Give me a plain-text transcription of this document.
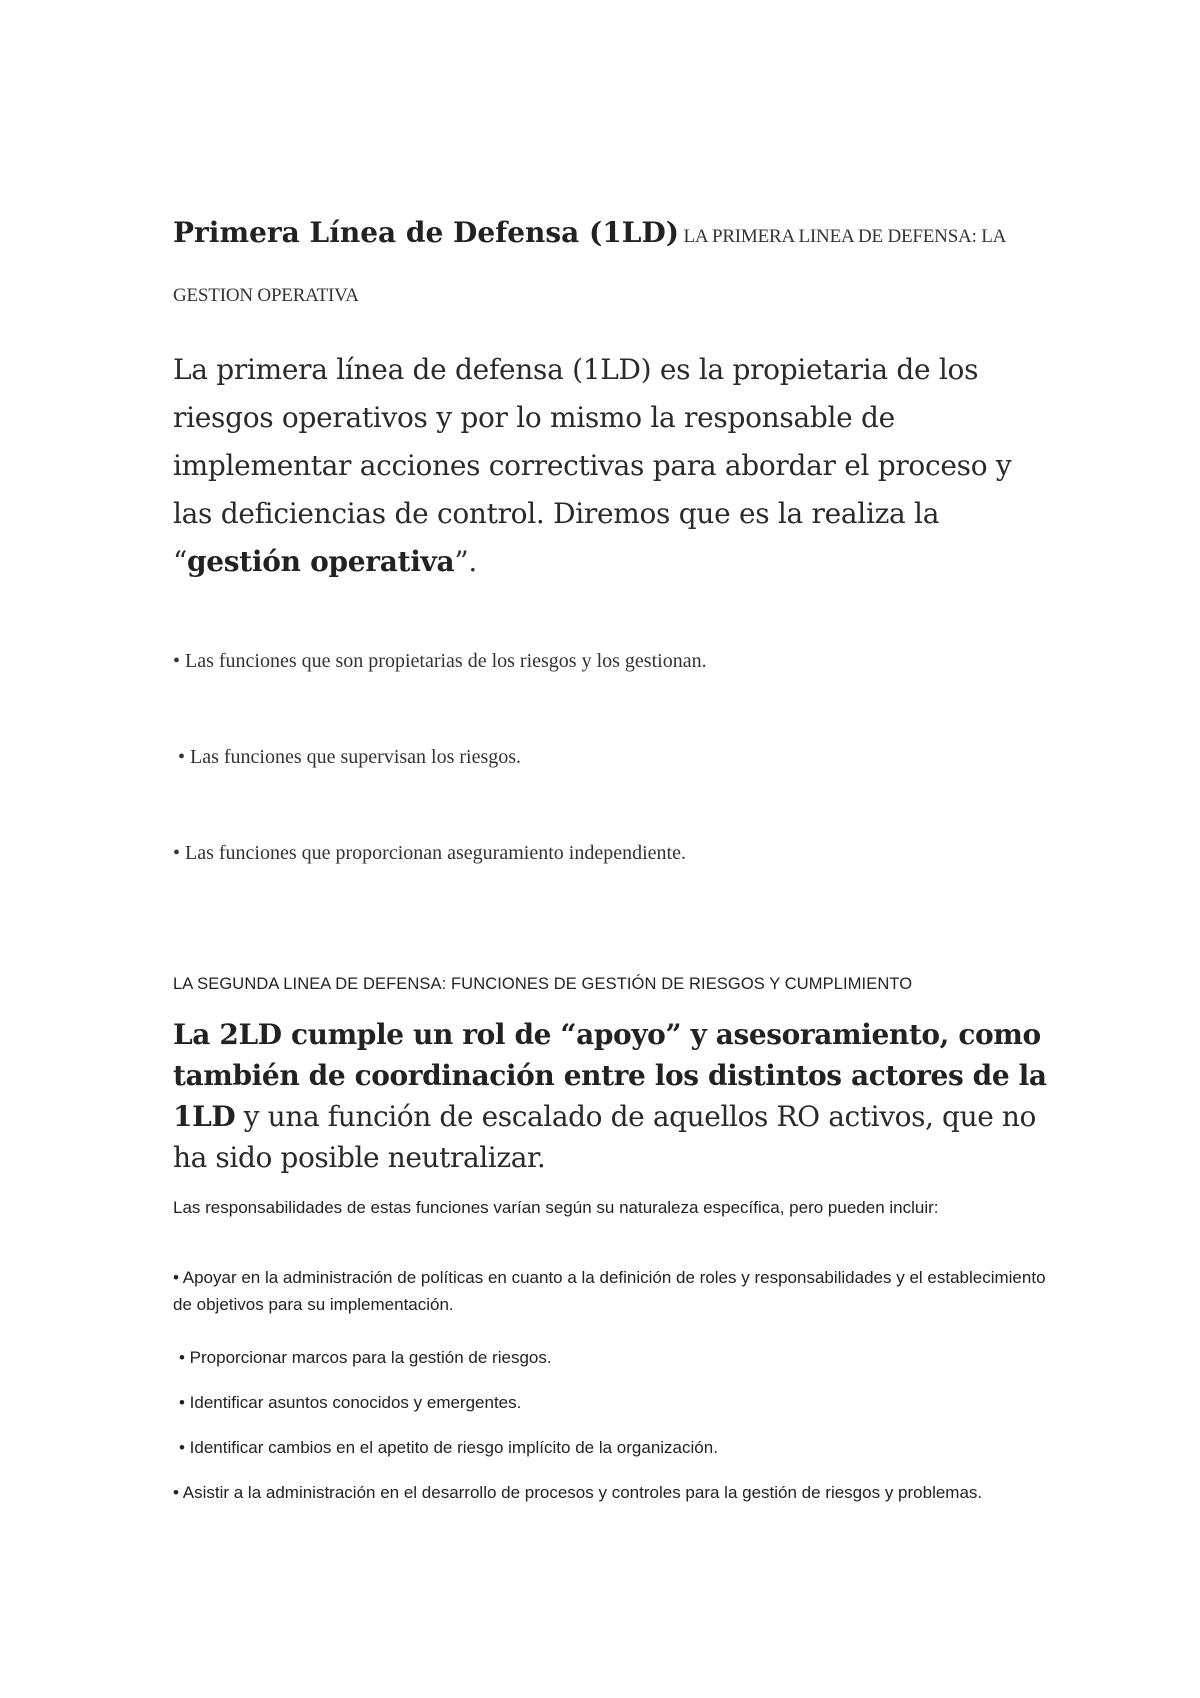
Primera Línea de Defensa (1LD) LA PRIMERA LINEA DE DEFENSA: LA GESTION OPERATIVA
La primera línea de defensa (1LD) es la propietaria de los riesgos operativos y por lo mismo la responsable de implementar acciones correctivas para abordar el proceso y las deficiencias de control. Diremos que es la realiza la “gestión operativa”.
• Las funciones que son propietarias de los riesgos y los gestionan.
• Las funciones que supervisan los riesgos.
• Las funciones que proporcionan aseguramiento independiente.
LA SEGUNDA LINEA DE DEFENSA: FUNCIONES DE GESTIÓN DE RIESGOS Y CUMPLIMIENTO
La 2LD cumple un rol de “apoyo” y asesoramiento, como también de coordinación entre los distintos actores de la 1LD y una función de escalado de aquellos RO activos, que no ha sido posible neutralizar.
Las responsabilidades de estas funciones varían según su naturaleza específica, pero pueden incluir:
• Apoyar en la administración de políticas en cuanto a la definición de roles y responsabilidades y el establecimiento de objetivos para su implementación.
• Proporcionar marcos para la gestión de riesgos.
• Identificar asuntos conocidos y emergentes.
• Identificar cambios en el apetito de riesgo implícito de la organización.
• Asistir a la administración en el desarrollo de procesos y controles para la gestión de riesgos y problemas.
